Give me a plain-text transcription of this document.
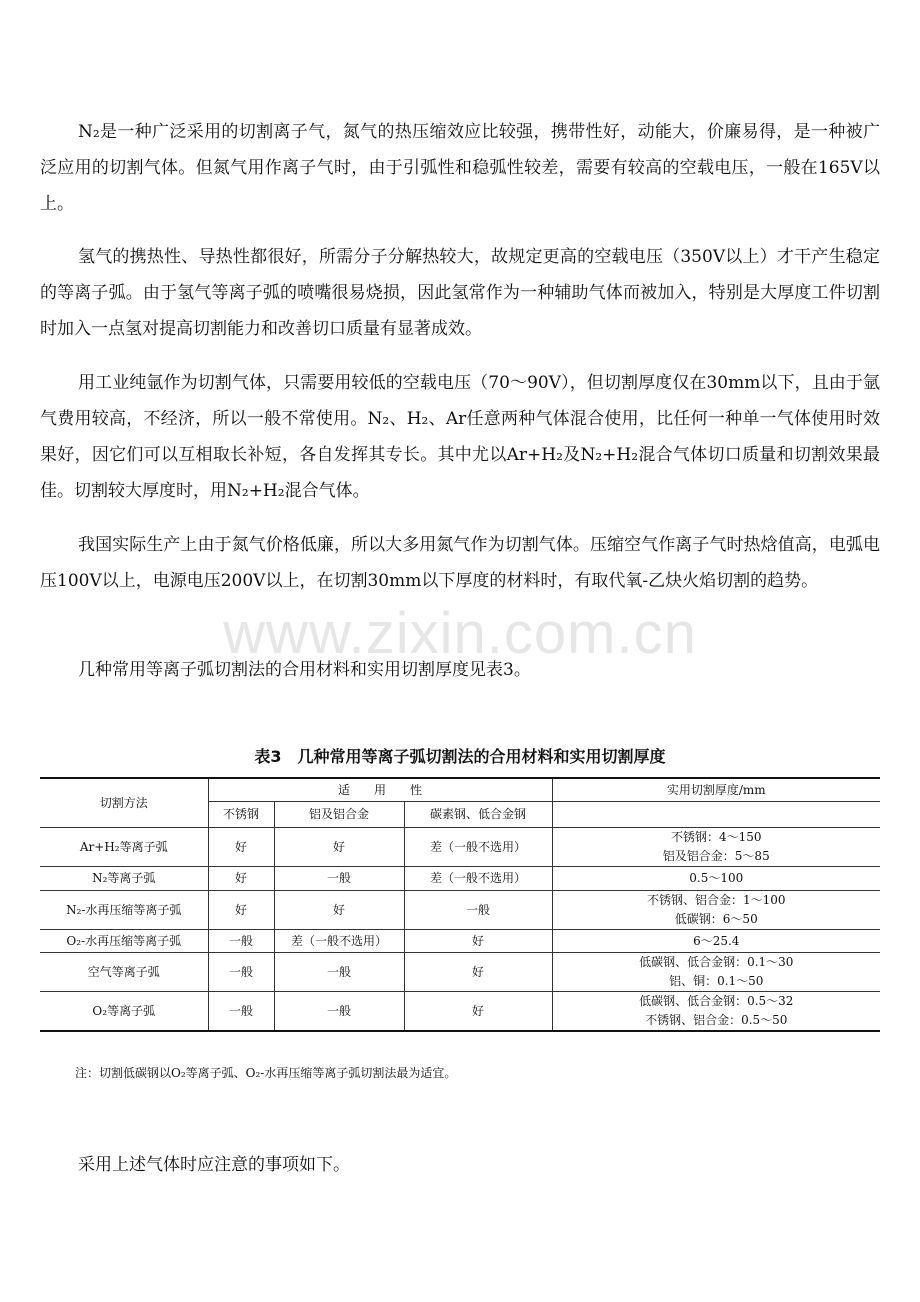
www.zixin.com.cn

N₂是一种广泛采用的切割离子气，氮气的热压缩效应比较强，携带性好，动能大，价廉易得，是一种被广泛应用的切割气体。但氮气用作离子气时，由于引弧性和稳弧性较差，需要有较高的空载电压，一般在165V以上。

氢气的携热性、导热性都很好，所需分子分解热较大，故规定更高的空载电压（350V以上）才干产生稳定的等离子弧。由于氢气等离子弧的喷嘴很易烧损，因此氢常作为一种辅助气体而被加入，特别是大厚度工件切割时加入一点氢对提高切割能力和改善切口质量有显著成效。

用工业纯氩作为切割气体，只需要用较低的空载电压（70～90V），但切割厚度仅在30mm以下，且由于氩气费用较高，不经济，所以一般不常使用。N₂、H₂、Ar任意两种气体混合使用，比任何一种单一气体使用时效果好，因它们可以互相取长补短，各自发挥其专长。其中尤以Ar+H₂及N₂+H₂混合气体切口质量和切割效果最佳。切割较大厚度时，用N₂+H₂混合气体。

我国实际生产上由于氮气价格低廉，所以大多用氮气作为切割气体。压缩空气作离子气时热焓值高，电弧电压100V以上，电源电压200V以上，在切割30mm以下厚度的材料时，有取代氧-乙炔火焰切割的趋势。

几种常用等离子弧切割法的合用材料和实用切割厚度见表3。

表3　几种常用等离子弧切割法的合用材料和实用切割厚度
切割方法	适　　用　　性			实用切割厚度/mm
	不锈钢	铝及铝合金	碳素钢、低合金钢	
Ar+H₂等离子弧	好	好	差（一般不选用）	不锈钢：4～150
铝及铝合金：5～85

N₂等离子弧	好	一般	差（一般不选用）	0.5～100
N₂-水再压缩等离子弧	好	好	一般	不锈钢、铝合金：1～100
低碳钢：6～50

O₂-水再压缩等离子弧	一般	差（一般不选用）	好	6～25.4
空气等离子弧	一般	一般	好	低碳钢、低合金钢：0.1～30
铝、铜：0.1～50

O₂等离子弧	一般	一般	好	低碳钢、低合金钢：0.5～32
不锈钢、铝合金：0.5～50
注：切割低碳钢以O₂等离子弧、O₂-水再压缩等离子弧切割法最为适宜。

采用上述气体时应注意的事项如下。
